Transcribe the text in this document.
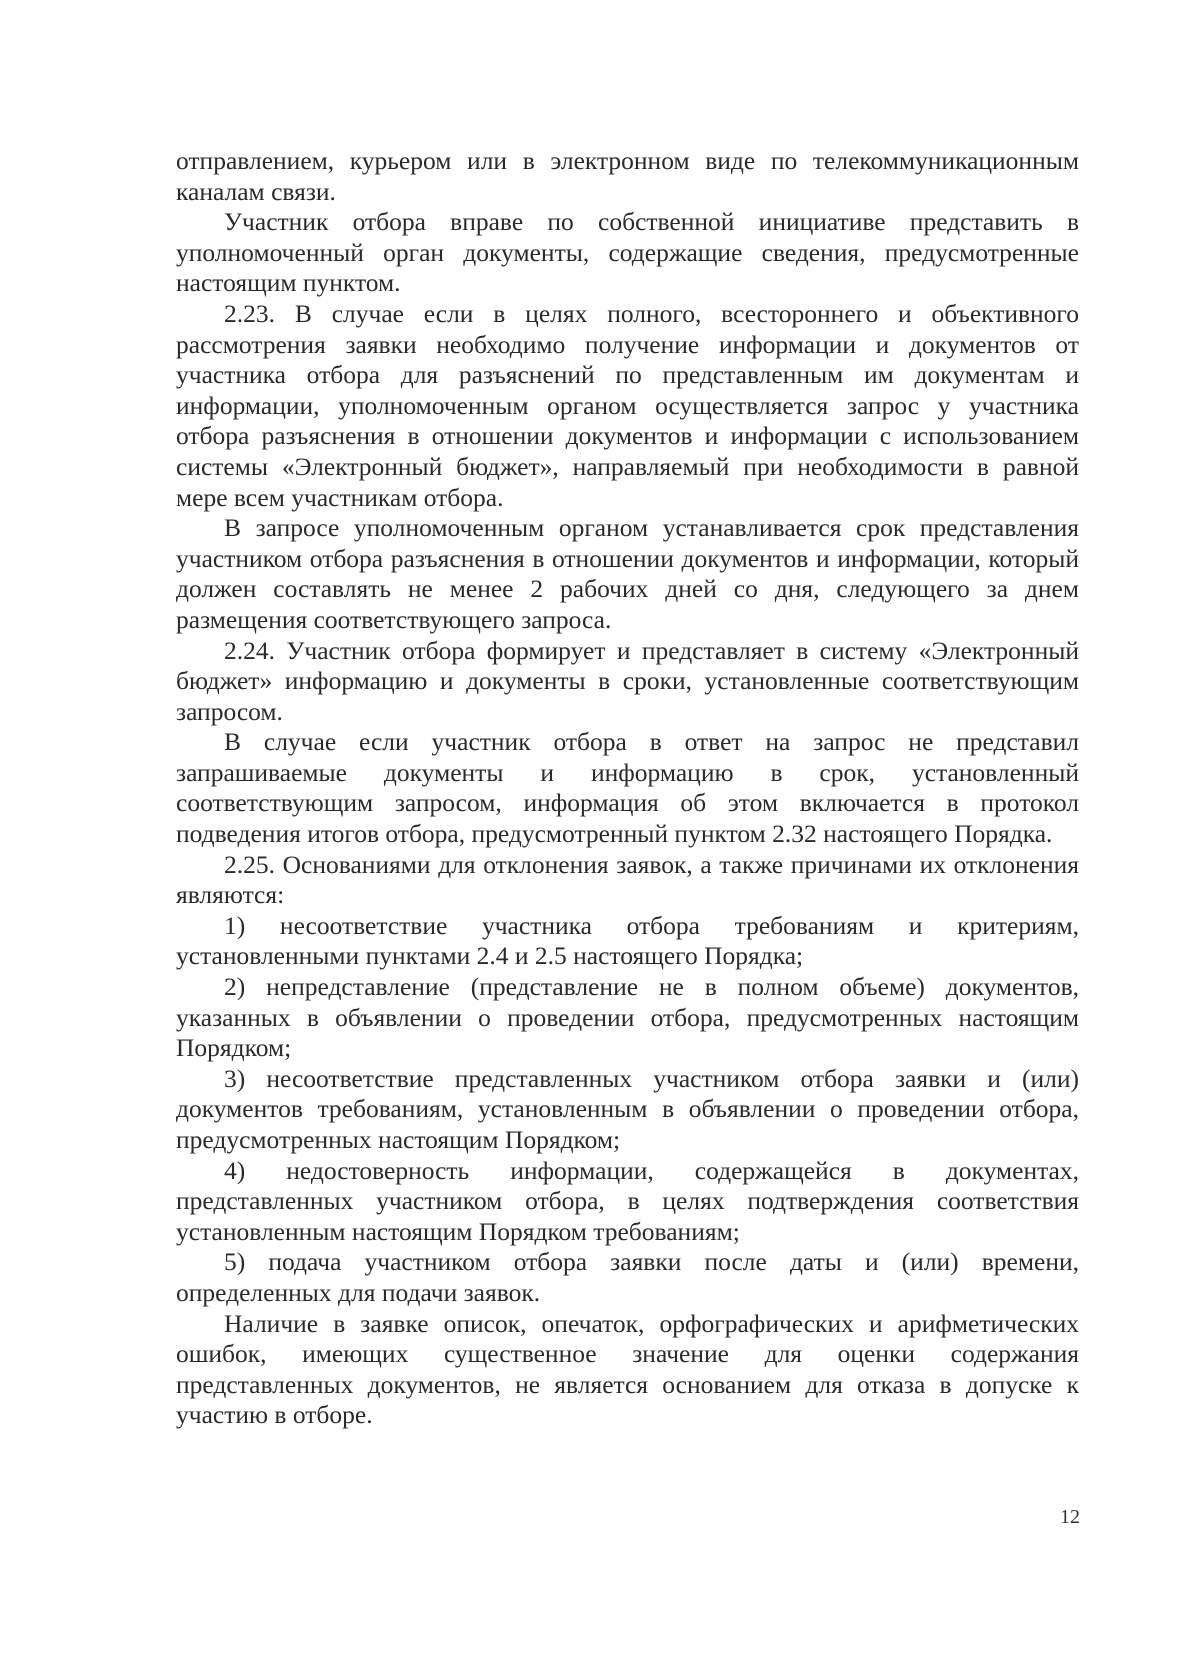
отправлением, курьером или в электронном виде по телекоммуникационным каналам связи.

Участник отбора вправе по собственной инициативе представить в уполномоченный орган документы, содержащие сведения, предусмотренные настоящим пунктом.

2.23. В случае если в целях полного, всестороннего и объективного рассмотрения заявки необходимо получение информации и документов от участника отбора для разъяснений по представленным им документам и информации, уполномоченным органом осуществляется запрос у участника отбора разъяснения в отношении документов и информации с использованием системы «Электронный бюджет», направляемый при необходимости в равной мере всем участникам отбора.

В запросе уполномоченным органом устанавливается срок представления участником отбора разъяснения в отношении документов и информации, который должен составлять не менее 2 рабочих дней со дня, следующего за днем размещения соответствующего запроса.

2.24. Участник отбора формирует и представляет в систему «Электронный бюджет» информацию и документы в сроки, установленные соответствующим запросом.

В случае если участник отбора в ответ на запрос не представил запрашиваемые документы и информацию в срок, установленный соответствующим запросом, информация об этом включается в протокол подведения итогов отбора, предусмотренный пунктом 2.32 настоящего Порядка.

2.25. Основаниями для отклонения заявок, а также причинами их отклонения являются:

1) несоответствие участника отбора требованиям и критериям, установленными пунктами 2.4 и 2.5 настоящего Порядка;

2) непредставление (представление не в полном объеме) документов, указанных в объявлении о проведении отбора, предусмотренных настоящим Порядком;

3) несоответствие представленных участником отбора заявки и (или) документов требованиям, установленным в объявлении о проведении отбора, предусмотренных настоящим Порядком;

4) недостоверность информации, содержащейся в документах, представленных участником отбора, в целях подтверждения соответствия установленным настоящим Порядком требованиям;

5) подача участником отбора заявки после даты и (или) времени, определенных для подачи заявок.

Наличие в заявке описок, опечаток, орфографических и арифметических ошибок, имеющих существенное значение для оценки содержания представленных документов, не является основанием для отказа в допуске к участию в отборе.

12
